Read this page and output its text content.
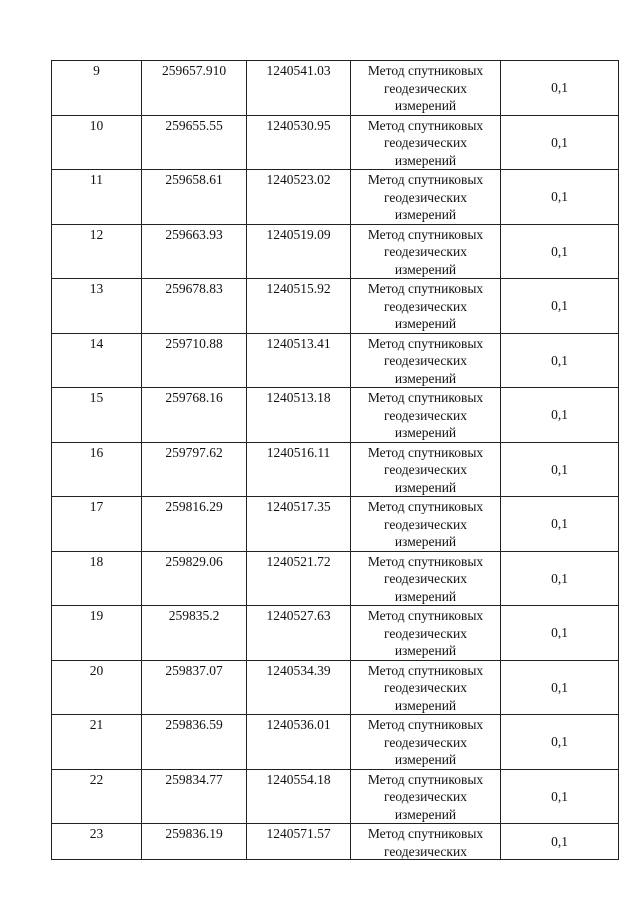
9	259657.910	1240541.03	Метод спутниковых геодезических измерений	0,1
10	259655.55	1240530.95	Метод спутниковых геодезических измерений	0,1
11	259658.61	1240523.02	Метод спутниковых геодезических измерений	0,1
12	259663.93	1240519.09	Метод спутниковых геодезических измерений	0,1
13	259678.83	1240515.92	Метод спутниковых геодезических измерений	0,1
14	259710.88	1240513.41	Метод спутниковых геодезических измерений	0,1
15	259768.16	1240513.18	Метод спутниковых геодезических измерений	0,1
16	259797.62	1240516.11	Метод спутниковых геодезических измерений	0,1
17	259816.29	1240517.35	Метод спутниковых геодезических измерений	0,1
18	259829.06	1240521.72	Метод спутниковых геодезических измерений	0,1
19	259835.2	1240527.63	Метод спутниковых геодезических измерений	0,1
20	259837.07	1240534.39	Метод спутниковых геодезических измерений	0,1
21	259836.59	1240536.01	Метод спутниковых геодезических измерений	0,1
22	259834.77	1240554.18	Метод спутниковых геодезических измерений	0,1
23	259836.19	1240571.57	Метод спутниковых геодезических	0,1
